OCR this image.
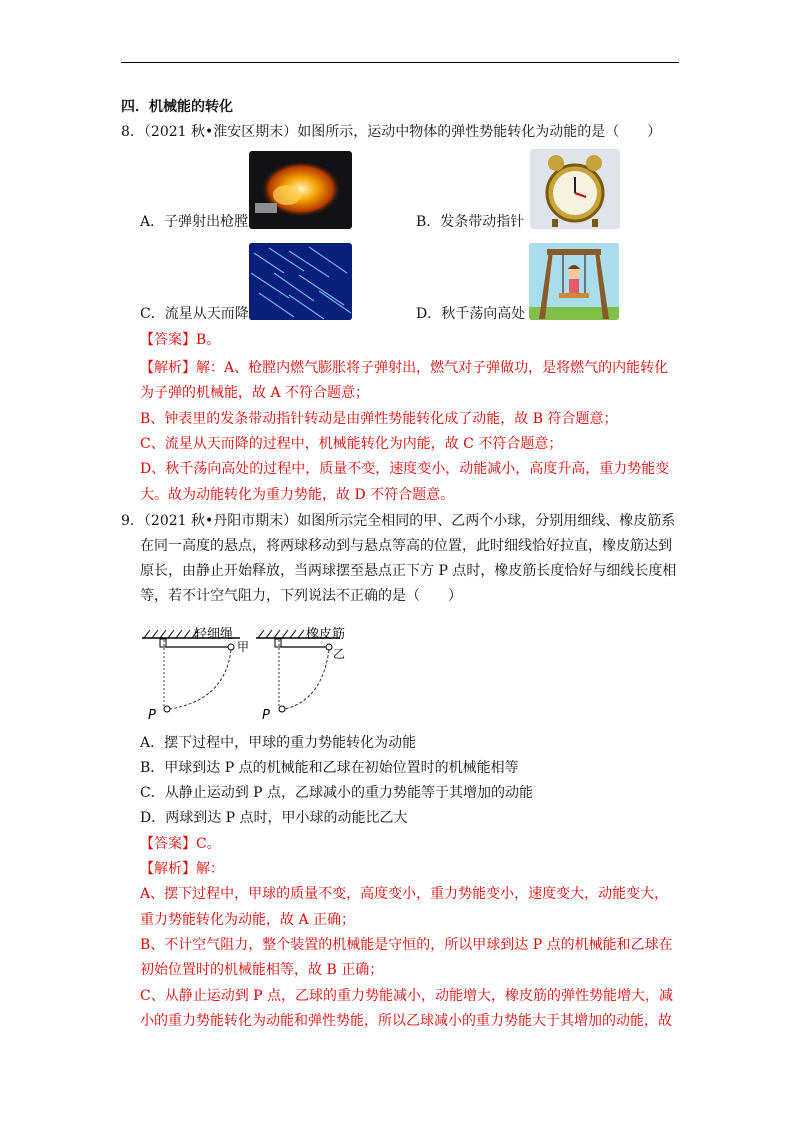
四．机械能的转化
8．（2021 秋•淮安区期末）如图所示，运动中物体的弹性势能转化为动能的是（　　）
A．子弹射出枪膛	B．发条带动指针
C．流星从天而降	D．秋千荡向高处
【答案】B。
【解析】解：A、枪膛内燃气膨胀将子弹射出，燃气对子弹做功，是将燃气的内能转化
为子弹的机械能，故 A 不符合题意；
B、钟表里的发条带动指针转动是由弹性势能转化成了动能，故 B 符合题意；
C、流星从天而降的过程中，机械能转化为内能，故 C 不符合题意；
D、秋千荡向高处的过程中，质量不变，速度变小，动能减小，高度升高，重力势能变
大。故为动能转化为重力势能，故 D 不符合题意。
9．（2021 秋•丹阳市期末）如图所示完全相同的甲、乙两个小球，分别用细线、橡皮筋系
在同一高度的悬点，将两球移动到与悬点等高的位置，此时细线恰好拉直，橡皮筋达到
原长，由静止开始释放，当两球摆至悬点正下方 P 点时，橡皮筋长度恰好与细线长度相
等，若不计空气阻力，下列说法不正确的是（　　）
轻细绳
甲
P
橡皮筋
乙
P
A．摆下过程中，甲球的重力势能转化为动能
B．甲球到达 P 点的机械能和乙球在初始位置时的机械能相等
C．从静止运动到 P 点，乙球减小的重力势能等于其增加的动能
D．两球到达 P 点时，甲小球的动能比乙大
【答案】C。
【解析】解：
A、摆下过程中，甲球的质量不变，高度变小，重力势能变小，速度变大，动能变大，
重力势能转化为动能，故 A 正确；
B、不计空气阻力，整个装置的机械能是守恒的，所以甲球到达 P 点的机械能和乙球在
初始位置时的机械能相等，故 B 正确；
C、从静止运动到 P 点，乙球的重力势能减小，动能增大，橡皮筋的弹性势能增大，减
小的重力势能转化为动能和弹性势能，所以乙球减小的重力势能大于其增加的动能，故
